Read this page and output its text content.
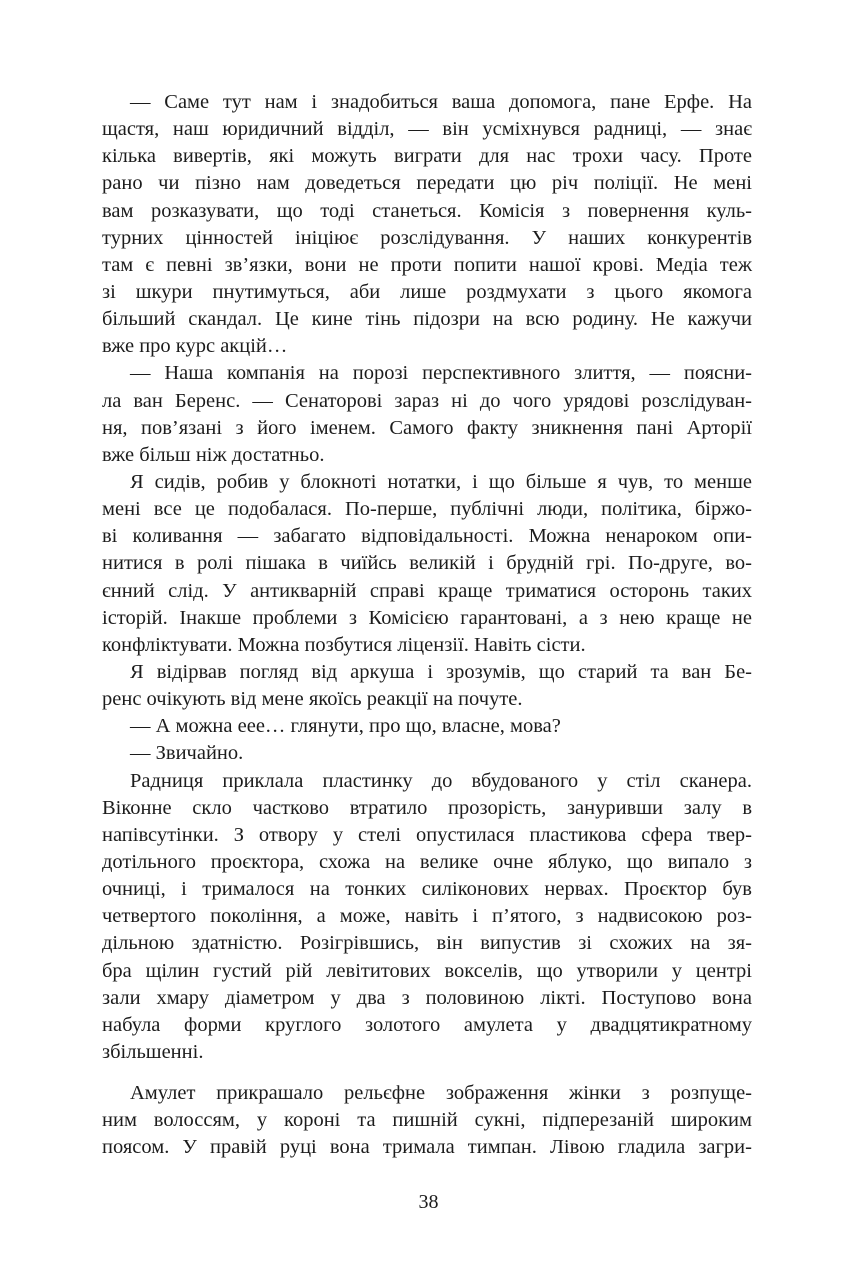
— Саме тут нам і знадобиться ваша допомога, пане Ерфе. На
щастя, наш юридичний відділ, — він усміхнувся радниці, — знає
кілька вивертів, які можуть виграти для нас трохи часу. Проте
рано чи пізно нам доведеться передати цю річ поліції. Не мені
вам розказувати, що тоді станеться. Комісія з повернення куль-
турних цінностей ініціює розслідування. У наших конкурентів
там є певні зв’язки, вони не проти попити нашої крові. Медіа теж
зі шкури пнутимуться, аби лише роздмухати з цього якомога
більший скандал. Це кине тінь підозри на всю родину. Не кажучи
вже про курс акцій…
— Наша компанія на порозі перспективного злиття, — поясни-
ла ван Беренс. — Сенаторові зараз ні до чого урядові розслідуван-
ня, пов’язані з його іменем. Самого факту зникнення пані Арторії
вже більш ніж достатньо.
Я сидів, робив у блокноті нотатки, і що більше я чув, то менше
мені все це подобалася. По-перше, публічні люди, політика, біржо-
ві коливання — забагато відповідальності. Можна ненароком опи-
нитися в ролі пішака в чиїйсь великій і брудній грі. По-друге, во-
єнний слід. У антикварній справі краще триматися осторонь таких
історій. Інакше проблеми з Комісією гарантовані, а з нею краще не
конфліктувати. Можна позбутися ліцензії. Навіть сісти.
Я відірвав погляд від аркуша і зрозумів, що старий та ван Бе-
ренс очікують від мене якоїсь реакції на почуте.
— А можна еее… глянути, про що, власне, мова?
— Звичайно.
Радниця приклала пластинку до вбудованого у стіл сканера.
Віконне скло частково втратило прозорість, зануривши залу в
напівсутінки. З отвору у стелі опустилася пластикова сфера твер-
дотільного проєктора, схожа на велике очне яблуко, що випало з
очниці, і трималося на тонких силіконових нервах. Проєктор був
четвертого покоління, а може, навіть і п’ятого, з надвисокою роз-
дільною здатністю. Розігрівшись, він випустив зі схожих на зя-
бра щілин густий рій левітитових вокселів, що утворили у центрі
зали хмару діаметром у два з половиною лікті. Поступово вона
набула форми круглого золотого амулета у двадцятикратному
збільшенні.
Амулет прикрашало рельєфне зображення жінки з розпуще-
ним волоссям, у короні та пишній сукні, підперезаній широким
поясом. У правій руці вона тримала тимпан. Лівою гладила загри-
38
